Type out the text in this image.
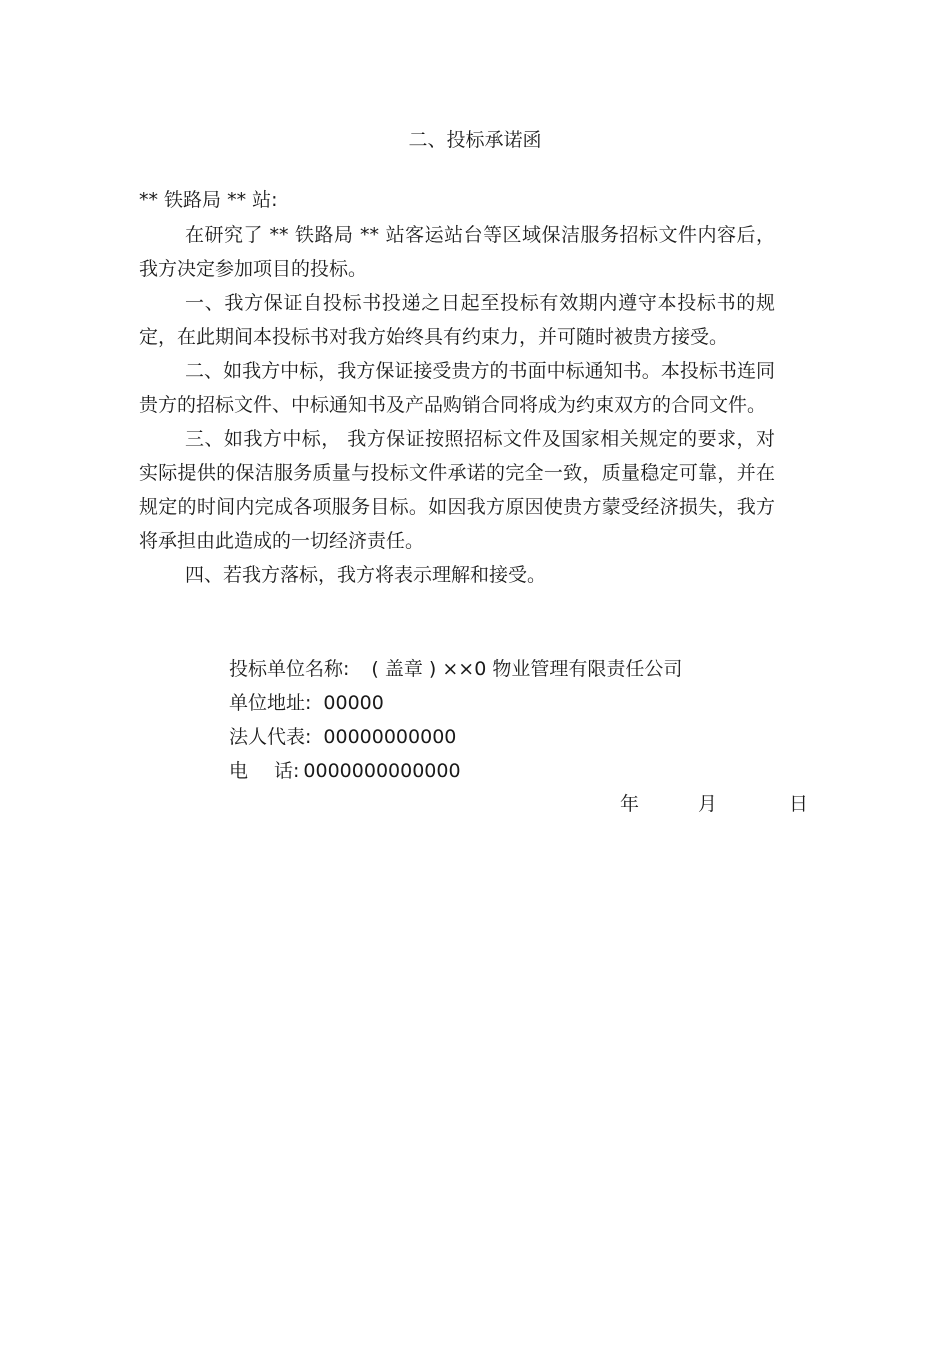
二、投标承诺函
** 铁路局 ** 站:

在研究了 ** 铁路局 ** 站客运站台等区域保洁服务招标文件内容后，我方决定参加项目的投标。

一、我方保证自投标书投递之日起至投标有效期内遵守本投标书的规定，在此期间本投标书对我方始终具有约束力，并可随时被贵方接受。

二、如我方中标，我方保证接受贵方的书面中标通知书。本投标书连同贵方的招标文件、中标通知书及产品购销合同将成为约束双方的合同文件。

三、如我方中标， 我方保证按照招标文件及国家相关规定的要求，对实际提供的保洁服务质量与投标文件承诺的完全一致，质量稳定可靠，并在规定的时间内完成各项服务目标。如因我方原因使贵方蒙受经济损失，我方将承担由此造成的一切经济责任。

四、若我方落标，我方将表示理解和接受。

投标单位名称: ( 盖章 ) ××0 物业管理有限责任公司
单位地址: 00000
法人代表: 00000000000
电 话: 0000000000000
年	月	日
